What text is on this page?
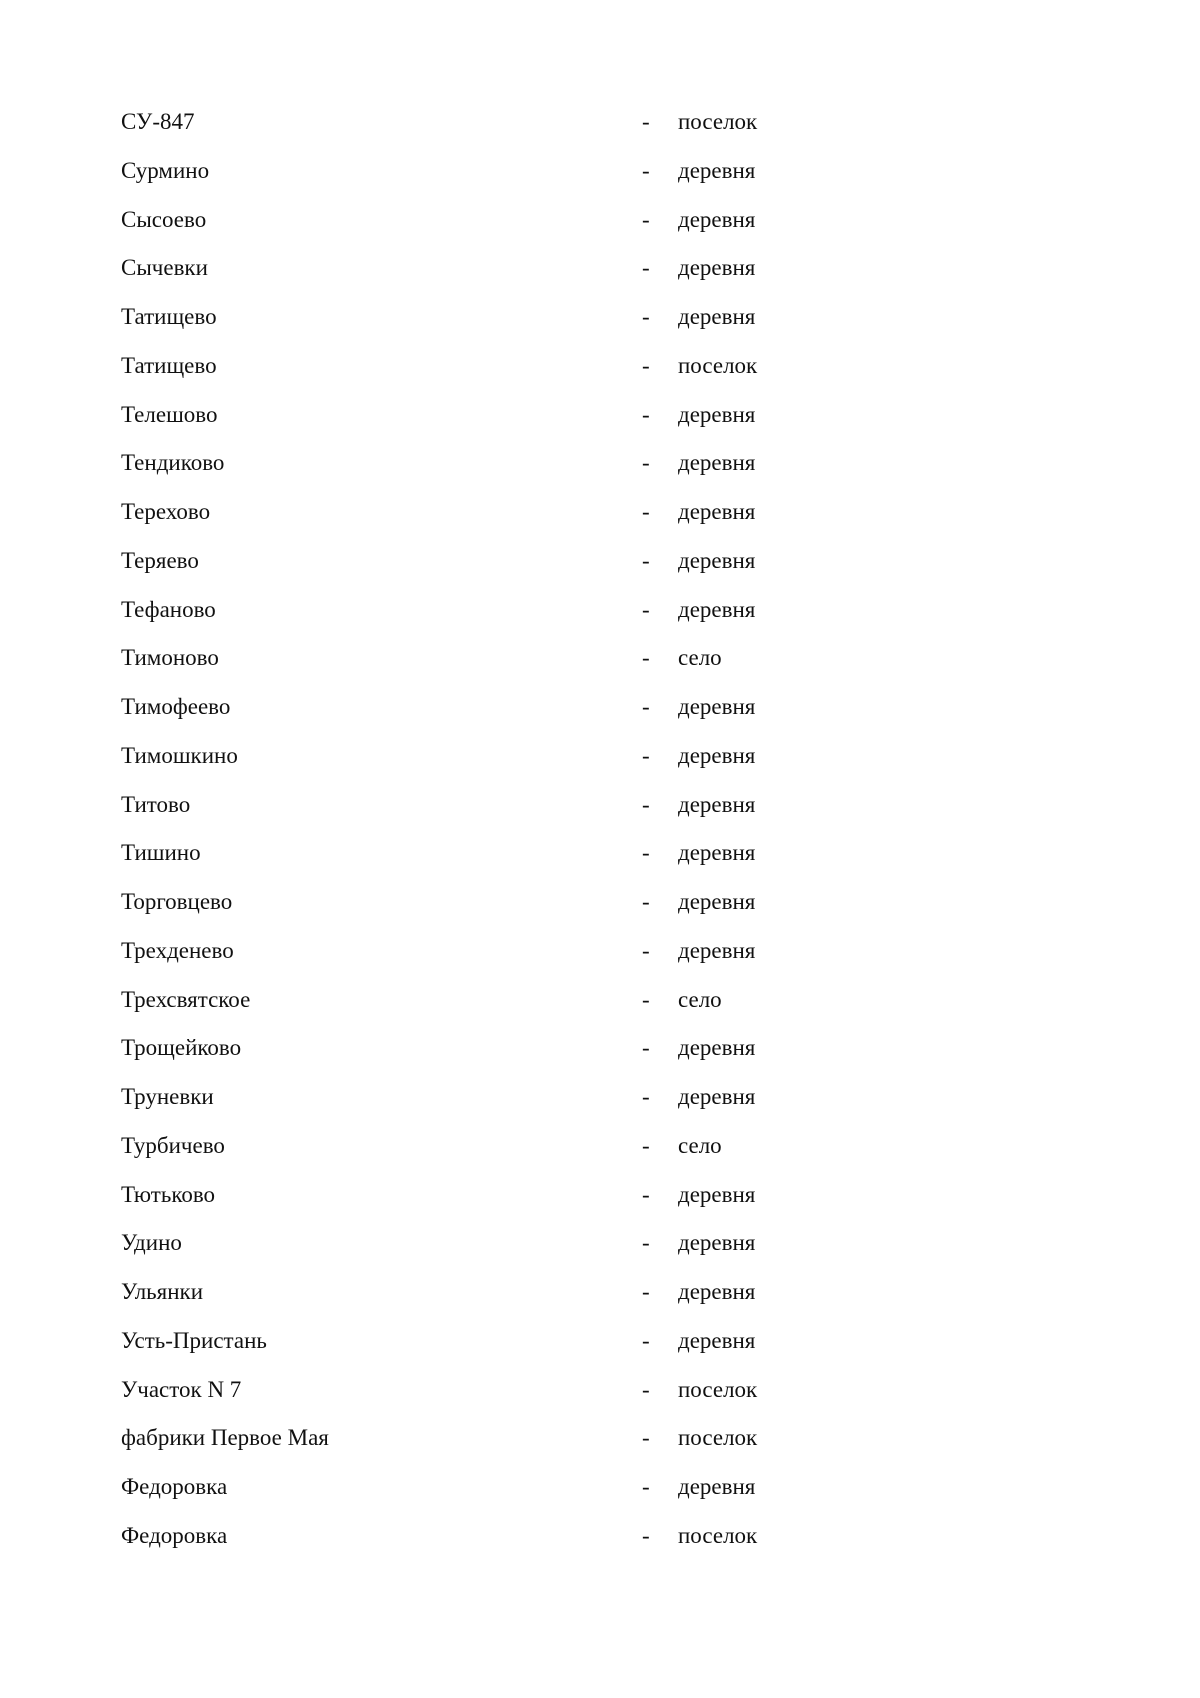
СУ-847	- поселок
Сурмино	- деревня
Сысоево	- деревня
Сычевки	- деревня
Татищево	- деревня
Татищево	- поселок
Телешово	- деревня
Тендиково	- деревня
Терехово	- деревня
Теряево	- деревня
Тефаново	- деревня
Тимоново	- село
Тимофеево	- деревня
Тимошкино	- деревня
Титово	- деревня
Тишино	- деревня
Торговцево	- деревня
Трехденево	- деревня
Трехсвятское	- село
Трощейково	- деревня
Труневки	- деревня
Турбичево	- село
Тютьково	- деревня
Удино	- деревня
Ульянки	- деревня
Усть-Пристань	- деревня
Участок N 7	- поселок
фабрики Первое Мая	- поселок
Федоровка	- деревня
Федоровка	- поселок
